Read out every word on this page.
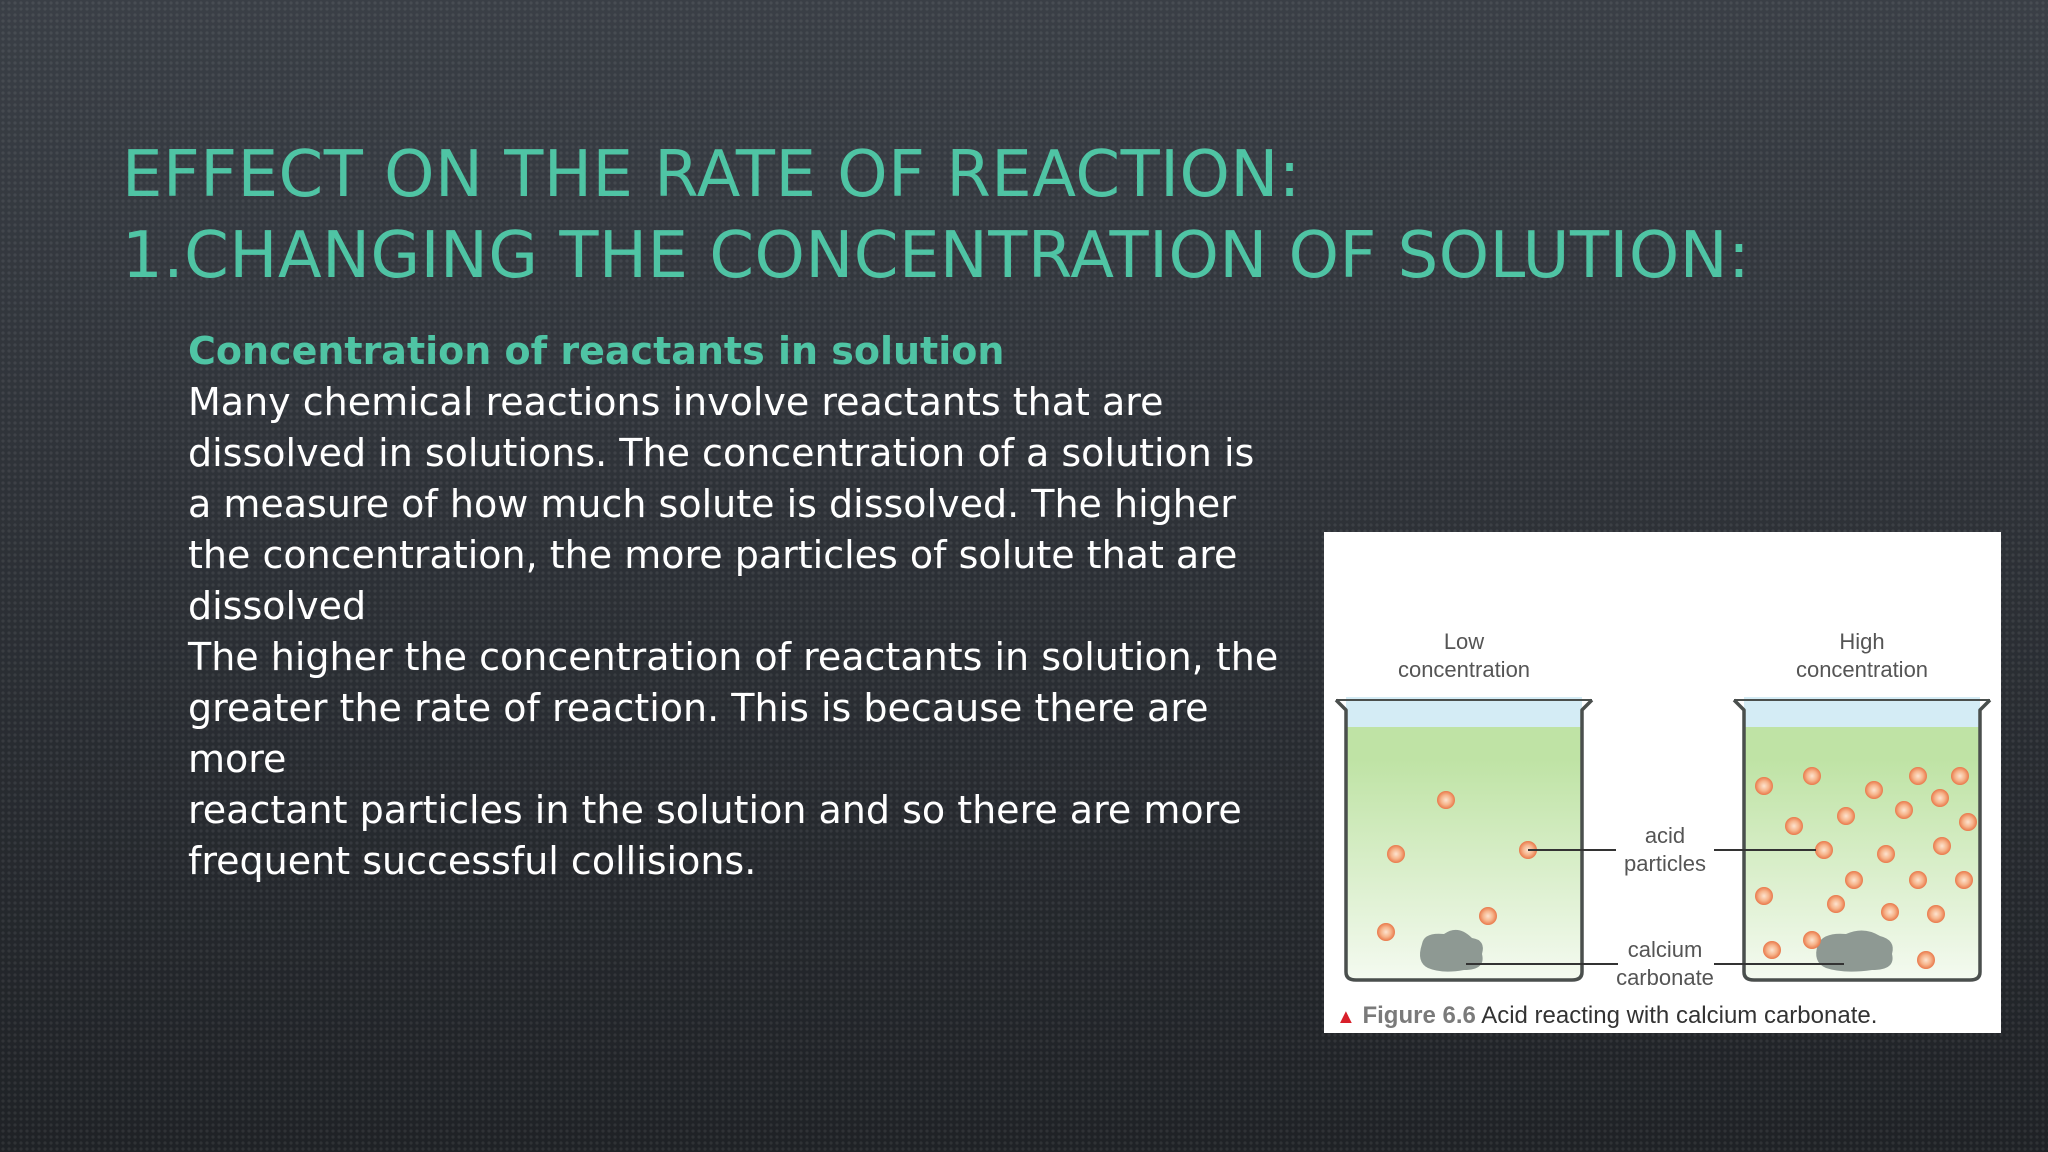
EFFECT ON THE RATE OF REACTION:
1.CHANGING THE CONCENTRATION OF SOLUTION:

Concentration of reactants in solution

Many chemical reactions involve reactants that are

dissolved in solutions. The concentration of a solution is

a measure of how much solute is dissolved. The higher

the concentration, the more particles of solute that are

dissolved

The higher the concentration of reactants in solution, the

greater the rate of reaction. This is because there are

more

reactant particles in the solution and so there are more

frequent successful collisions.

Low
concentration
High
concentration
acid
particles
calcium
carbonate
▲ Figure 6.6 Acid reacting with calcium carbonate.
